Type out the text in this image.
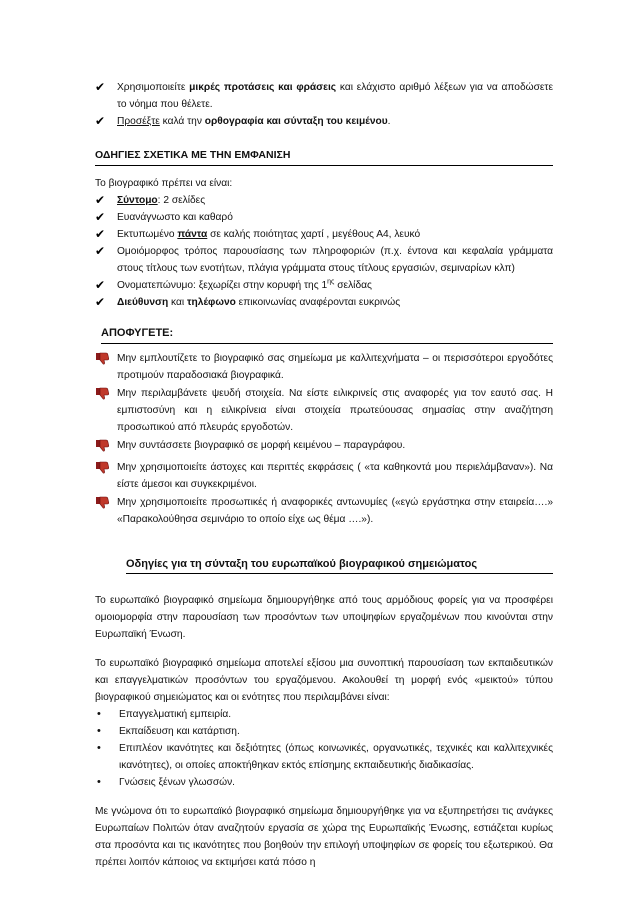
✔	Χρησιμοποιείτε μικρές προτάσεις και φράσεις και ελάχιστο αριθμό λέξεων για να αποδώσετε το νόημα που θέλετε.
✔	Προσέξτε καλά την ορθογραφία και σύνταξη του κειμένου.
ΟΔΗΓΙΕΣ ΣΧΕΤΙΚΑ ΜΕ ΤΗΝ ΕΜΦΑΝΙΣΗ
Το βιογραφικό πρέπει να είναι:
✔	Σύντομο: 2 σελίδες
✔	Ευανάγνωστο και καθαρό
✔	Εκτυπωμένο πάντα σε καλής ποιότητας χαρτί , μεγέθους Α4, λευκό
✔	Ομοιόμορφος τρόπος παρουσίασης των πληροφοριών (π.χ. έντονα και κεφαλαία γράμματα στους τίτλους των ενοτήτων, πλάγια γράμματα στους τίτλους εργασιών, σεμιναρίων κλπ)
✔	Ονοματεπώνυμο: ξεχωρίζει στην κορυφή της $1^{\eta\varsigma}$ σελίδας
✔	Διεύθυνση και τηλέφωνο επικοινωνίας αναφέρονται ευκρινώς
ΑΠΟΦΥΓΕΤΕ:
Μην εμπλουτίζετε το βιογραφικό σας σημείωμα με καλλιτεχνήματα – οι περισσότεροι εργοδότες προτιμούν παραδοσιακά βιογραφικά.
Μην περιλαμβάνετε ψευδή στοιχεία. Να είστε ειλικρινείς στις αναφορές για τον εαυτό σας. Η εμπιστοσύνη και η ειλικρίνεια είναι στοιχεία πρωτεύουσας σημασίας στην αναζήτηση προσωπικού από πλευράς εργοδοτών.
Μην συντάσσετε βιογραφικό σε μορφή κειμένου – παραγράφου.
Μην χρησιμοποιείτε άστοχες και περιττές εκφράσεις ( «τα καθηκοντά μου περιελάμβαναν»). Να είστε άμεσοι και συγκεκριμένοι.
Μην χρησιμοποιείτε προσωπικές ή αναφορικές αντωνυμίες («εγώ εργάστηκα στην εταιρεία….» «Παρακολούθησα σεμινάριο το οποίο είχε ως θέμα ….»).
Οδηγίες για τη σύνταξη του ευρωπαϊκού βιογραφικού σημειώματος

Το ευρωπαϊκό βιογραφικό σημείωμα δημιουργήθηκε από τους αρμόδιους φορείς για να προσφέρει ομοιομορφία στην παρουσίαση των προσόντων των υποψηφίων εργαζομένων που κινούνται στην Ευρωπαϊκή Ένωση.

Το ευρωπαϊκό βιογραφικό σημείωμα αποτελεί εξίσου μια συνοπτική παρουσίαση των εκπαιδευτικών και επαγγελματικών προσόντων του εργαζόμενου. Ακολουθεί τη μορφή ενός «μεικτού» τύπου βιογραφικού σημειώματος και οι ενότητες που περιλαμβάνει είναι:

•	Επαγγελματική εμπειρία.
•	Εκπαίδευση και κατάρτιση.
•	Επιπλέον ικανότητες και δεξιότητες (όπως κοινωνικές, οργανωτικές, τεχνικές και καλλιτεχνικές ικανότητες), οι οποίες αποκτήθηκαν εκτός επίσημης εκπαιδευτικής διαδικασίας.
•	Γνώσεις ξένων γλωσσών.

Με γνώμονα ότι το ευρωπαϊκό βιογραφικό σημείωμα δημιουργήθηκε για να εξυπηρετήσει τις ανάγκες Ευρωπαίων Πολιτών όταν αναζητούν εργασία σε χώρα της Ευρωπαϊκής Ένωσης, εστιάζεται κυρίως στα προσόντα και τις ικανότητες που βοηθούν την επιλογή υποψηφίων σε φορείς του εξωτερικού. Θα πρέπει λοιπόν κάποιος να εκτιμήσει κατά πόσο η
